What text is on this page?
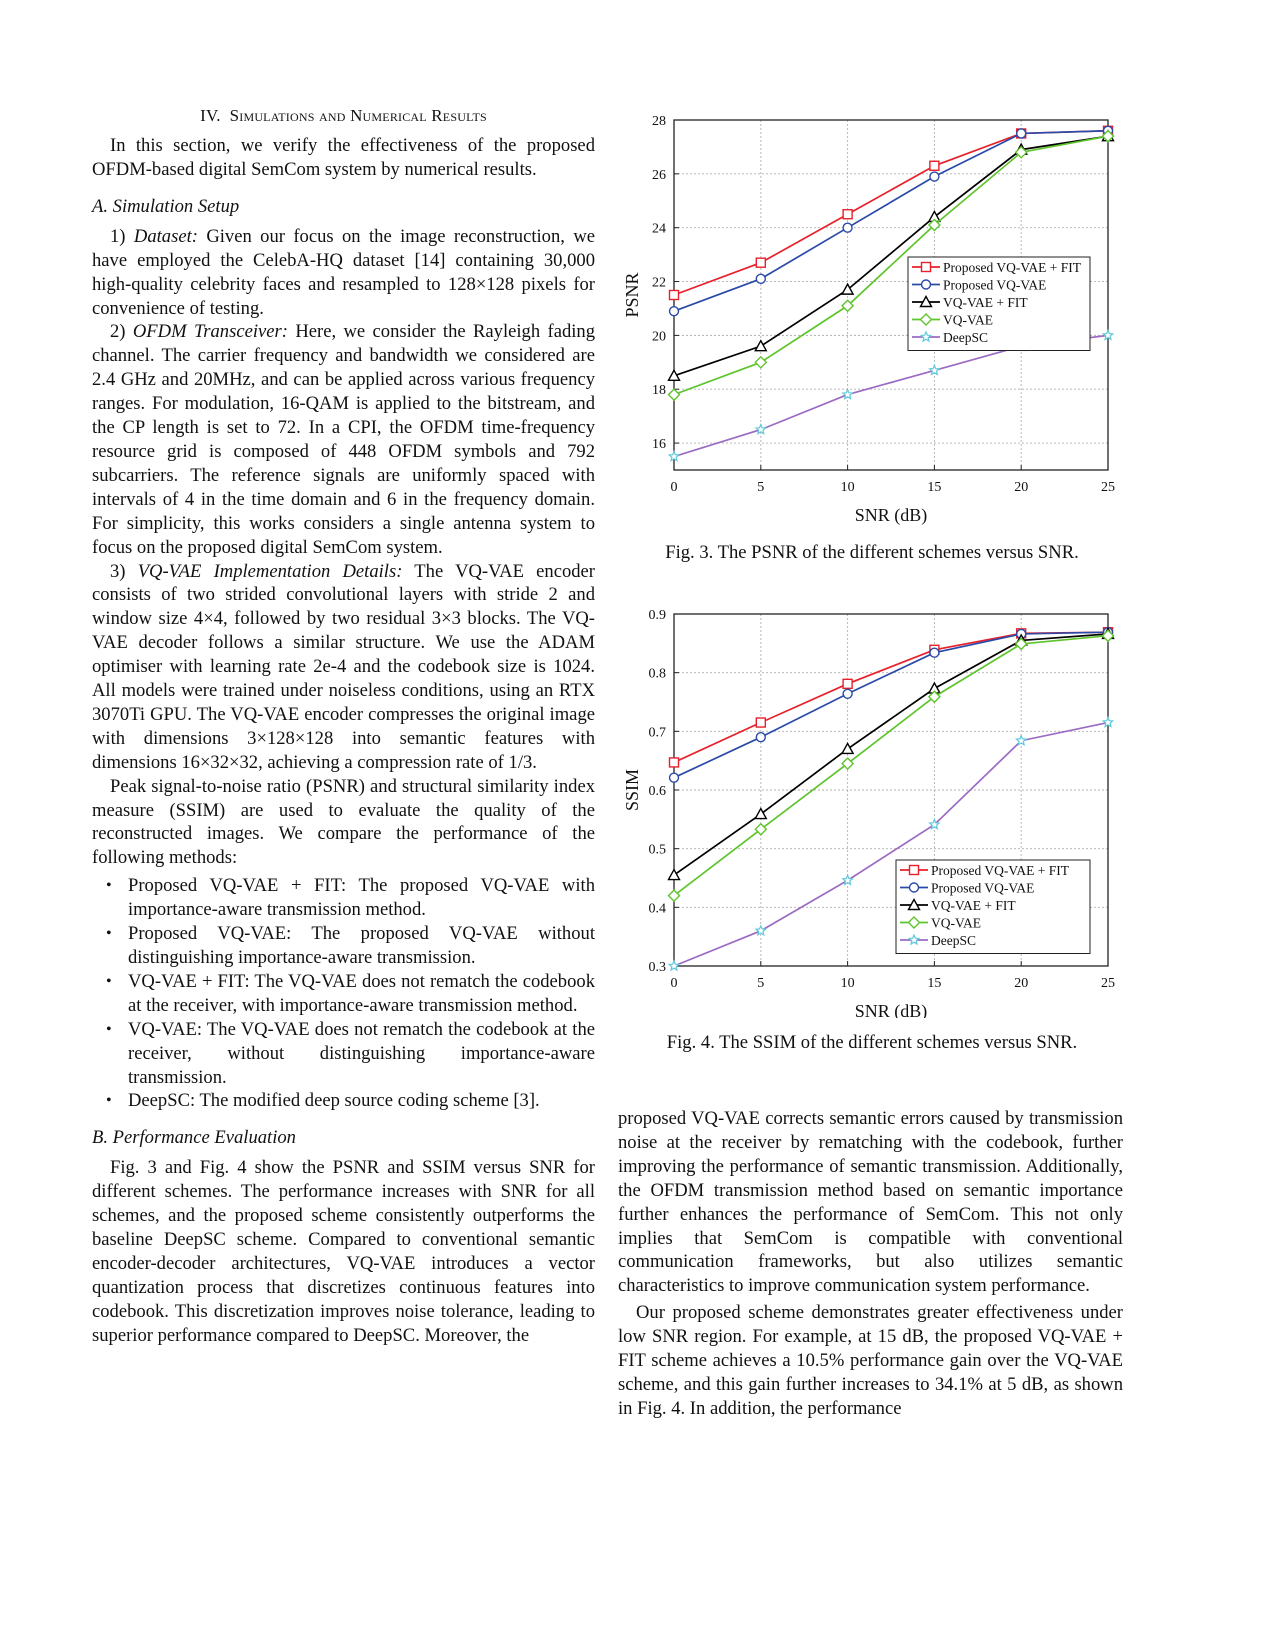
IV. Simulations and Numerical Results

In this section, we verify the effectiveness of the proposed OFDM-based digital SemCom system by numerical results.

A. Simulation Setup

1) Dataset: Given our focus on the image reconstruction, we have employed the CelebA-HQ dataset [14] containing 30,000 high-quality celebrity faces and resampled to 128×128 pixels for convenience of testing.

2) OFDM Transceiver: Here, we consider the Rayleigh fading channel. The carrier frequency and bandwidth we considered are 2.4 GHz and 20MHz, and can be applied across various frequency ranges. For modulation, 16-QAM is applied to the bitstream, and the CP length is set to 72. In a CPI, the OFDM time-frequency resource grid is composed of 448 OFDM symbols and 792 subcarriers. The reference signals are uniformly spaced with intervals of 4 in the time domain and 6 in the frequency domain. For simplicity, this works considers a single antenna system to focus on the proposed digital SemCom system.

3) VQ-VAE Implementation Details: The VQ-VAE encoder consists of two strided convolutional layers with stride 2 and window size 4×4, followed by two residual 3×3 blocks. The VQ-VAE decoder follows a similar structure. We use the ADAM optimiser with learning rate 2e-4 and the codebook size is 1024. All models were trained under noiseless conditions, using an RTX 3070Ti GPU. The VQ-VAE encoder compresses the original image with dimensions 3×128×128 into semantic features with dimensions 16×32×32, achieving a compression rate of 1/3.

Peak signal-to-noise ratio (PSNR) and structural similarity index measure (SSIM) are used to evaluate the quality of the reconstructed images. We compare the performance of the following methods:

• Proposed VQ-VAE + FIT: The proposed VQ-VAE with importance-aware transmission method.
• Proposed VQ-VAE: The proposed VQ-VAE without distinguishing importance-aware transmission.
• VQ-VAE + FIT: The VQ-VAE does not rematch the codebook at the receiver, with importance-aware transmission method.
• VQ-VAE: The VQ-VAE does not rematch the codebook at the receiver, without distinguishing importance-aware transmission.
• DeepSC: The modified deep source coding scheme [3].
B. Performance Evaluation

Fig. 3 and Fig. 4 show the PSNR and SSIM versus SNR for different schemes. The performance increases with SNR for all schemes, and the proposed scheme consistently outperforms the baseline DeepSC scheme. Compared to conventional semantic encoder-decoder architectures, VQ-VAE introduces a vector quantization process that discretizes continuous features into codebook. This discretization improves noise tolerance, leading to superior performance compared to DeepSC. Moreover, the

0	5	10	15	20	25
16
18
20
22
24
26
28
SNR (dB)
PSNR
Proposed VQ-VAE + FIT
Proposed VQ-VAE
VQ-VAE + FIT
VQ-VAE
DeepSC
Fig. 3. The PSNR of the different schemes versus SNR.
0	5	10	15	20	25
0.3
0.4
0.5
0.6
0.7
0.8
0.9
SNR (dB)
SSIM
Proposed VQ-VAE + FIT
Proposed VQ-VAE
VQ-VAE + FIT
VQ-VAE
DeepSC
Fig. 4. The SSIM of the different schemes versus SNR.

proposed VQ-VAE corrects semantic errors caused by transmission noise at the receiver by rematching with the codebook, further improving the performance of semantic transmission. Additionally, the OFDM transmission method based on semantic importance further enhances the performance of SemCom. This not only implies that SemCom is compatible with conventional communication frameworks, but also utilizes semantic characteristics to improve communication system performance.

Our proposed scheme demonstrates greater effectiveness under low SNR region. For example, at 15 dB, the proposed VQ-VAE + FIT scheme achieves a 10.5% performance gain over the VQ-VAE scheme, and this gain further increases to 34.1% at 5 dB, as shown in Fig. 4. In addition, the performance
